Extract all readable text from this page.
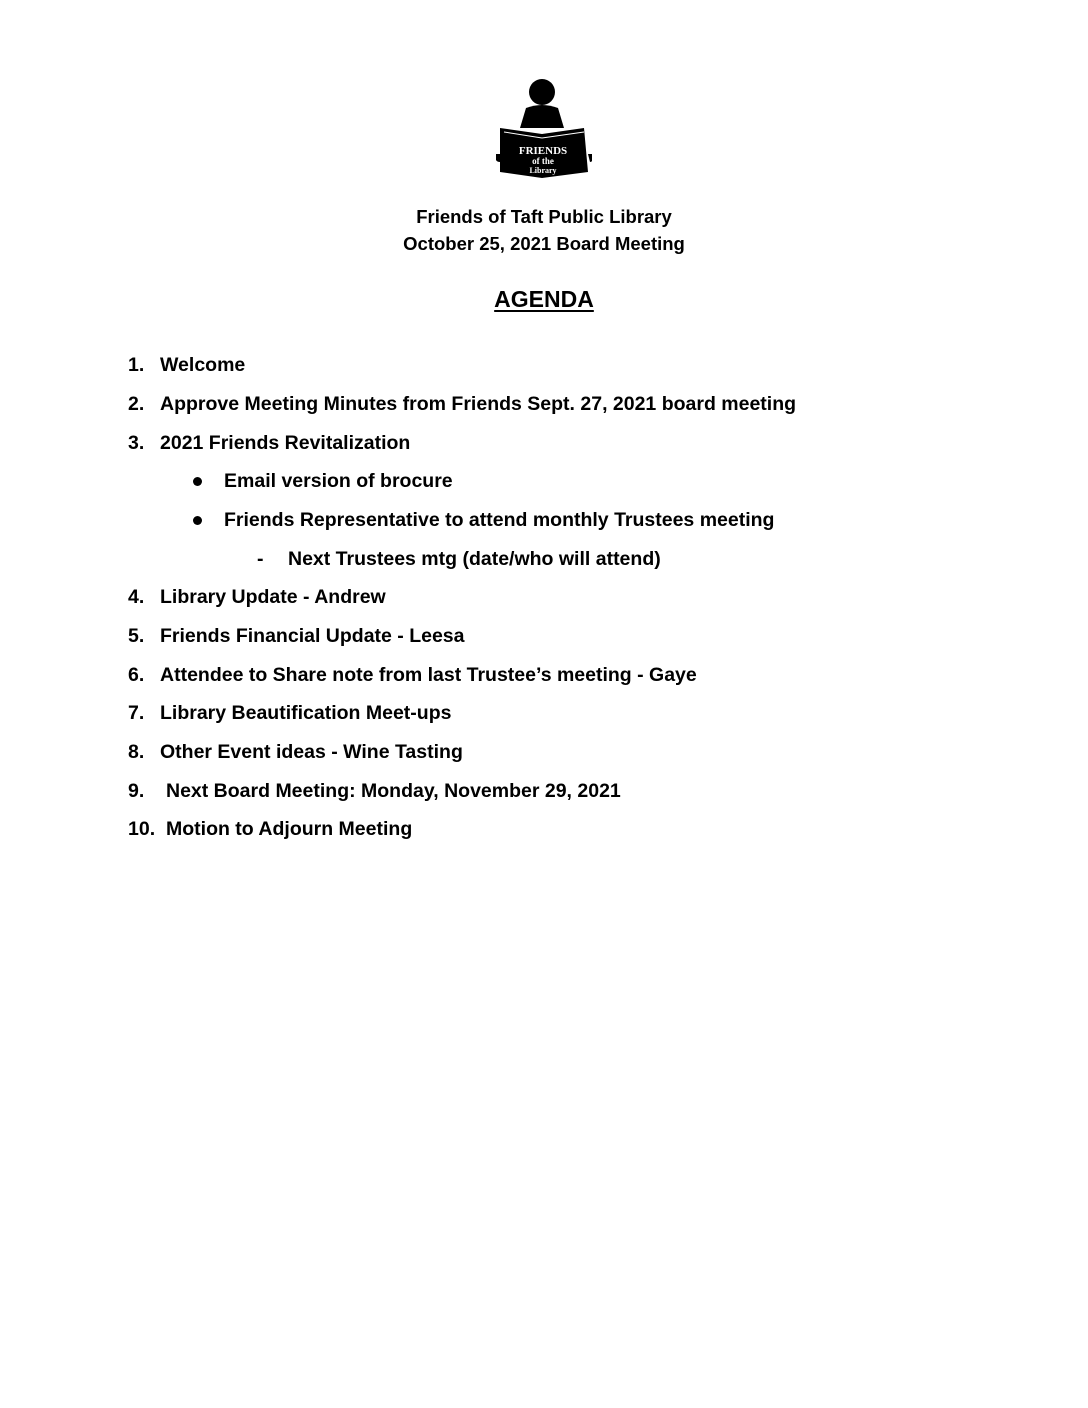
FRIENDS
of the
Library
Friends of Taft Public Library
October 25, 2021 Board Meeting
AGENDA
1. Welcome
2. Approve Meeting Minutes from Friends Sept. 27, 2021 board meeting
3. 2021 Friends Revitalization
Email version of brocure
Friends Representative to attend monthly Trustees meeting
- Next Trustees mtg (date/who will attend)
4. Library Update - Andrew
5. Friends Financial Update - Leesa
6. Attendee to Share note from last Trustee’s meeting - Gaye
7. Library Beautification Meet-ups
8. Other Event ideas - Wine Tasting
9. Next Board Meeting: Monday, November 29, 2021
10. Motion to Adjourn Meeting
